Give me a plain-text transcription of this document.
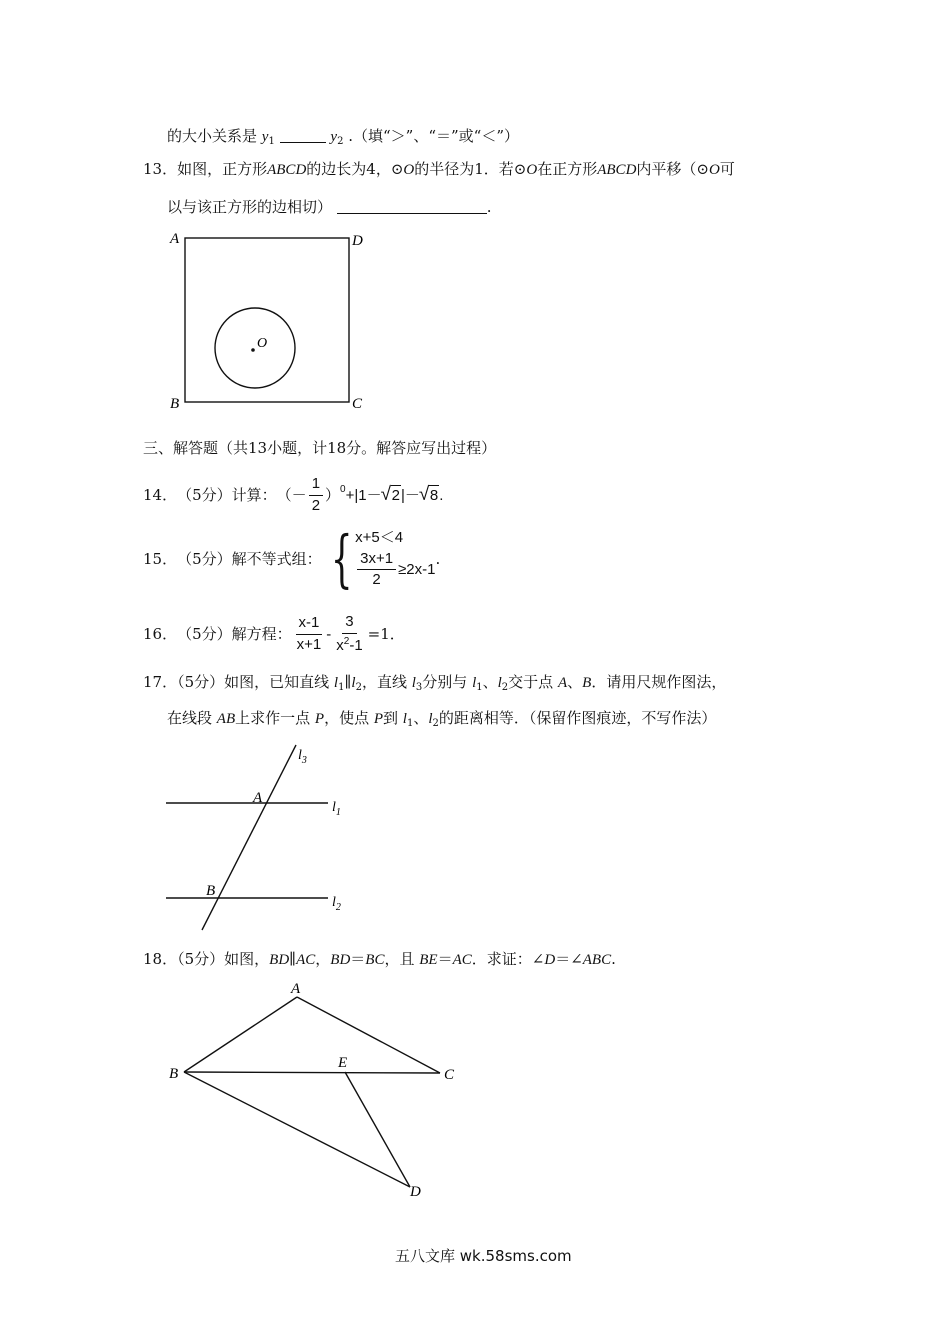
的大小关系是 $y_1$	$y_2$ .（填“＞”、“＝”或“＜”）
13．如图，正方形ABCD的边长为4，⊙O的半径为1．若⊙O在正方形ABCD内平移（⊙O可
以与该正方形的边相切）	.
A	D
B	C
O
三、解答题（共13小题，计18分。解答应写出过程）
14． （5分） 计算： （ － $\frac{1}{2}$ ） 0 +|1－ √ 2 |－ √ 8 .
15． （5分） 解不等式组： { x+5＜4
$\frac{3x+1}{2} \ge 2x-1$
.
16． （5分） 解方程： $\frac{x-1}{x+1} - \frac{3}{x^2-1} =1$．
17．（5分）如图，已知直线 $l_1\parallel l_2$，直线 $l_3$分别与 $l_1$、$l_2$交于点 A、B．请用尺规作图法，
在线段 AB上求作一点 P，使点 P到 $l_1$、$l_2$的距离相等．（保留作图痕迹，不写作法）
$l_3$
A
$l_1$
B
$l_2$
18．（5分）如图，BD∥AC，BD＝BC，且 BE＝AC．求证：∠D＝∠ABC.
A
B
E
C
D
五八文库 wk.58sms.com
